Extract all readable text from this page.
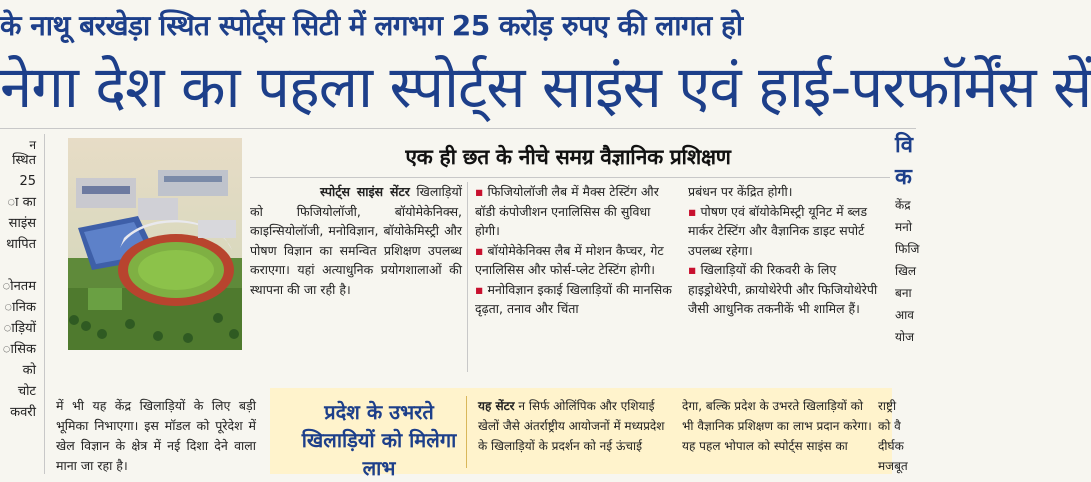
के नाथू बरखेड़ा स्थित स्पोर्ट्स सिटी में लगभग 25 करोड़ रुपए की लागत हो
नेगा देश का पहला स्पोर्ट्स साइंस एवं हाई-परफॉर्मेंस सें
न
स्थित
25
ा का
साइंस
थापित

ोनतम
ानिक
ाड़ियों
ासिक
को
चोट
कवरी
एक ही छत के नीचे समग्र वैज्ञानिक प्रशिक्षण
स्पोर्ट्स साइंस सेंटर खिलाड़ियों को फिजियोलॉजी, बॉयोमेकेनिक्स, काइन्सियोलॉजी, मनोविज्ञान, बॉयोकेमिस्ट्री और पोषण विज्ञान का समन्वित प्रशिक्षण उपलब्ध कराएगा। यहां अत्याधुनिक प्रयोगशालाओं की स्थापना की जा रही है।
▪ फिजियोलॉजी लैब में मैक्स टेस्टिंग और बॉडी कंपोजीशन एनालिसिस की सुविधा होगी।
▪ बॉयोमेकेनिक्स लैब में मोशन कैप्चर, गेट एनालिसिस और फोर्स-प्लेट टेस्टिंग होगी।
▪ मनोविज्ञान इकाई खिलाड़ियों की मानसिक दृढ़ता, तनाव और चिंता
प्रबंधन पर केंद्रित होगी।
▪ पोषण एवं बॉयोकेमिस्ट्री यूनिट में ब्लड मार्कर टेस्टिंग और वैज्ञानिक डाइट सपोर्ट उपलब्ध रहेगा।
▪ खिलाड़ियों की रिकवरी के लिए हाइड्रोथेरेपी, क्रायोथेरेपी और फिजियोथेरेपी जैसी आधुनिक तकनीकें भी शामिल हैं।
में भी यह केंद्र खिलाड़ियों के लिए बड़ी भूमिका निभाएगा। इस मॉडल को पूरेदेश में खेल विज्ञान के क्षेत्र में नई दिशा देने वाला माना जा रहा है।
प्रदेश के उभरते खिलाड़ियों को मिलेगा लाभ
यह सेंटर न सिर्फ ओलिंपिक और एशियाई खेलों जैसे अंतर्राष्ट्रीय आयोजनों में मध्यप्रदेश के खिलाड़ियों के प्रदर्शन को नई ऊंचाई
देगा, बल्कि प्रदेश के उभरते खिलाड़ियों को भी वैज्ञानिक प्रशिक्षण का लाभ प्रदान करेगा। यह पहल भोपाल को स्पोर्ट्स साइंस का
राष्ट्री
को वै
दीर्घक
मजबूत
वि
क
केंद्र
मनो
फिजि
खिल
बना
आव
योज
